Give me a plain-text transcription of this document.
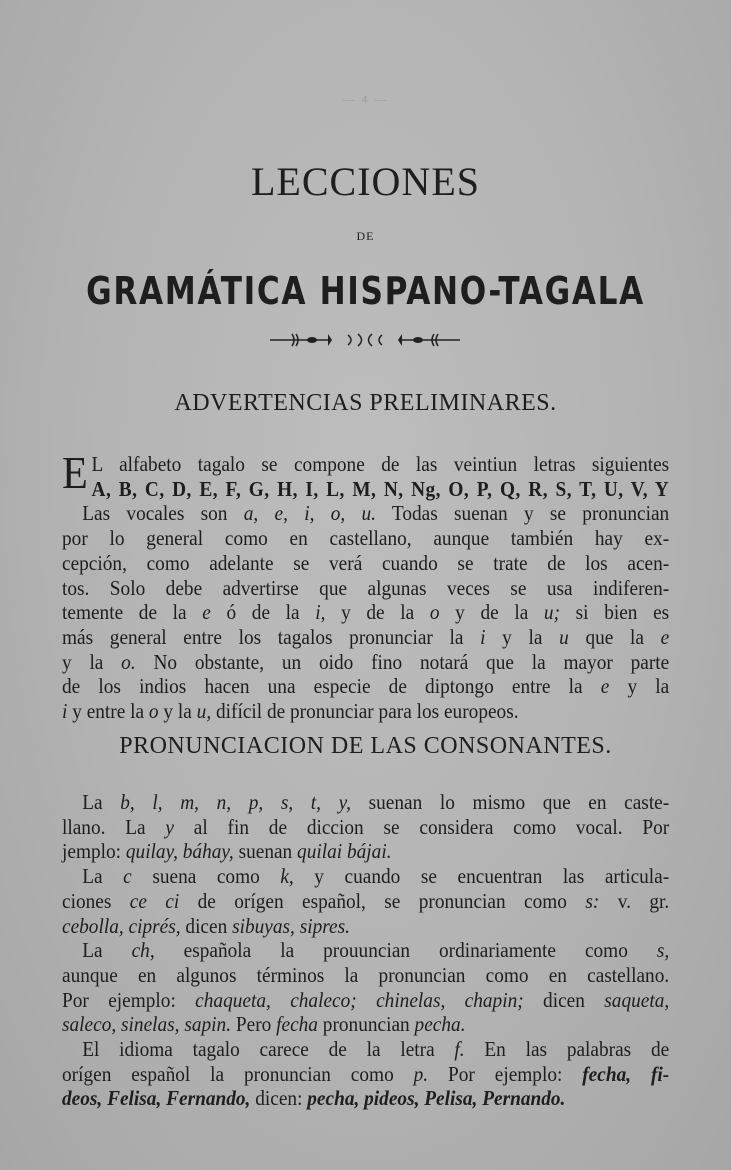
— 4 —
LECCIONES
DE
GRAMÁTICA HISPANO-TAGALA
ADVERTENCIAS PRELIMINARES.
E L alfabeto tagalo se compone de las veintiun letras siguientes
A, B, C, D, E, F, G, H, I, L, M, N, Ng, O, P, Q, R, S, T, U, V, Y
Las vocales son a, e, i, o, u. Todas suenan y se pronuncian
por lo general como en castellano, aunque también hay ex-
cepción, como adelante se verá cuando se trate de los acen-
tos. Solo debe advertirse que algunas veces se usa indiferen-
temente de la e ó de la i, y de la o y de la u; si bien es
más general entre los tagalos pronunciar la i y la u que la e
y la o. No obstante, un oido fino notará que la mayor parte
de los indios hacen una especie de diptongo entre la e y la
i y entre la o y la u, difícil de pronunciar para los europeos.
PRONUNCIACION DE LAS CONSONANTES.
La b, l, m, n, p, s, t, y, suenan lo mismo que en caste-
llano. La y al fin de diccion se considera como vocal. Por
jemplo: quilay, báhay, suenan quilai bájai.
La c suena como k, y cuando se encuentran las articula-
ciones ce ci de orígen español, se pronuncian como s: v. gr.
cebolla, ciprés, dicen sibuyas, sipres.
La ch, española la prouuncian ordinariamente como s,
aunque en algunos términos la pronuncian como en castellano.
Por ejemplo: chaqueta, chaleco; chinelas, chapin; dicen saqueta,
saleco, sinelas, sapin. Pero fecha pronuncian pecha.
El idioma tagalo carece de la letra f. En las palabras de
orígen español la pronuncian como p. Por ejemplo: fecha, fi-
deos, Felisa, Fernando, dicen: pecha, pideos, Pelisa, Pernando.
